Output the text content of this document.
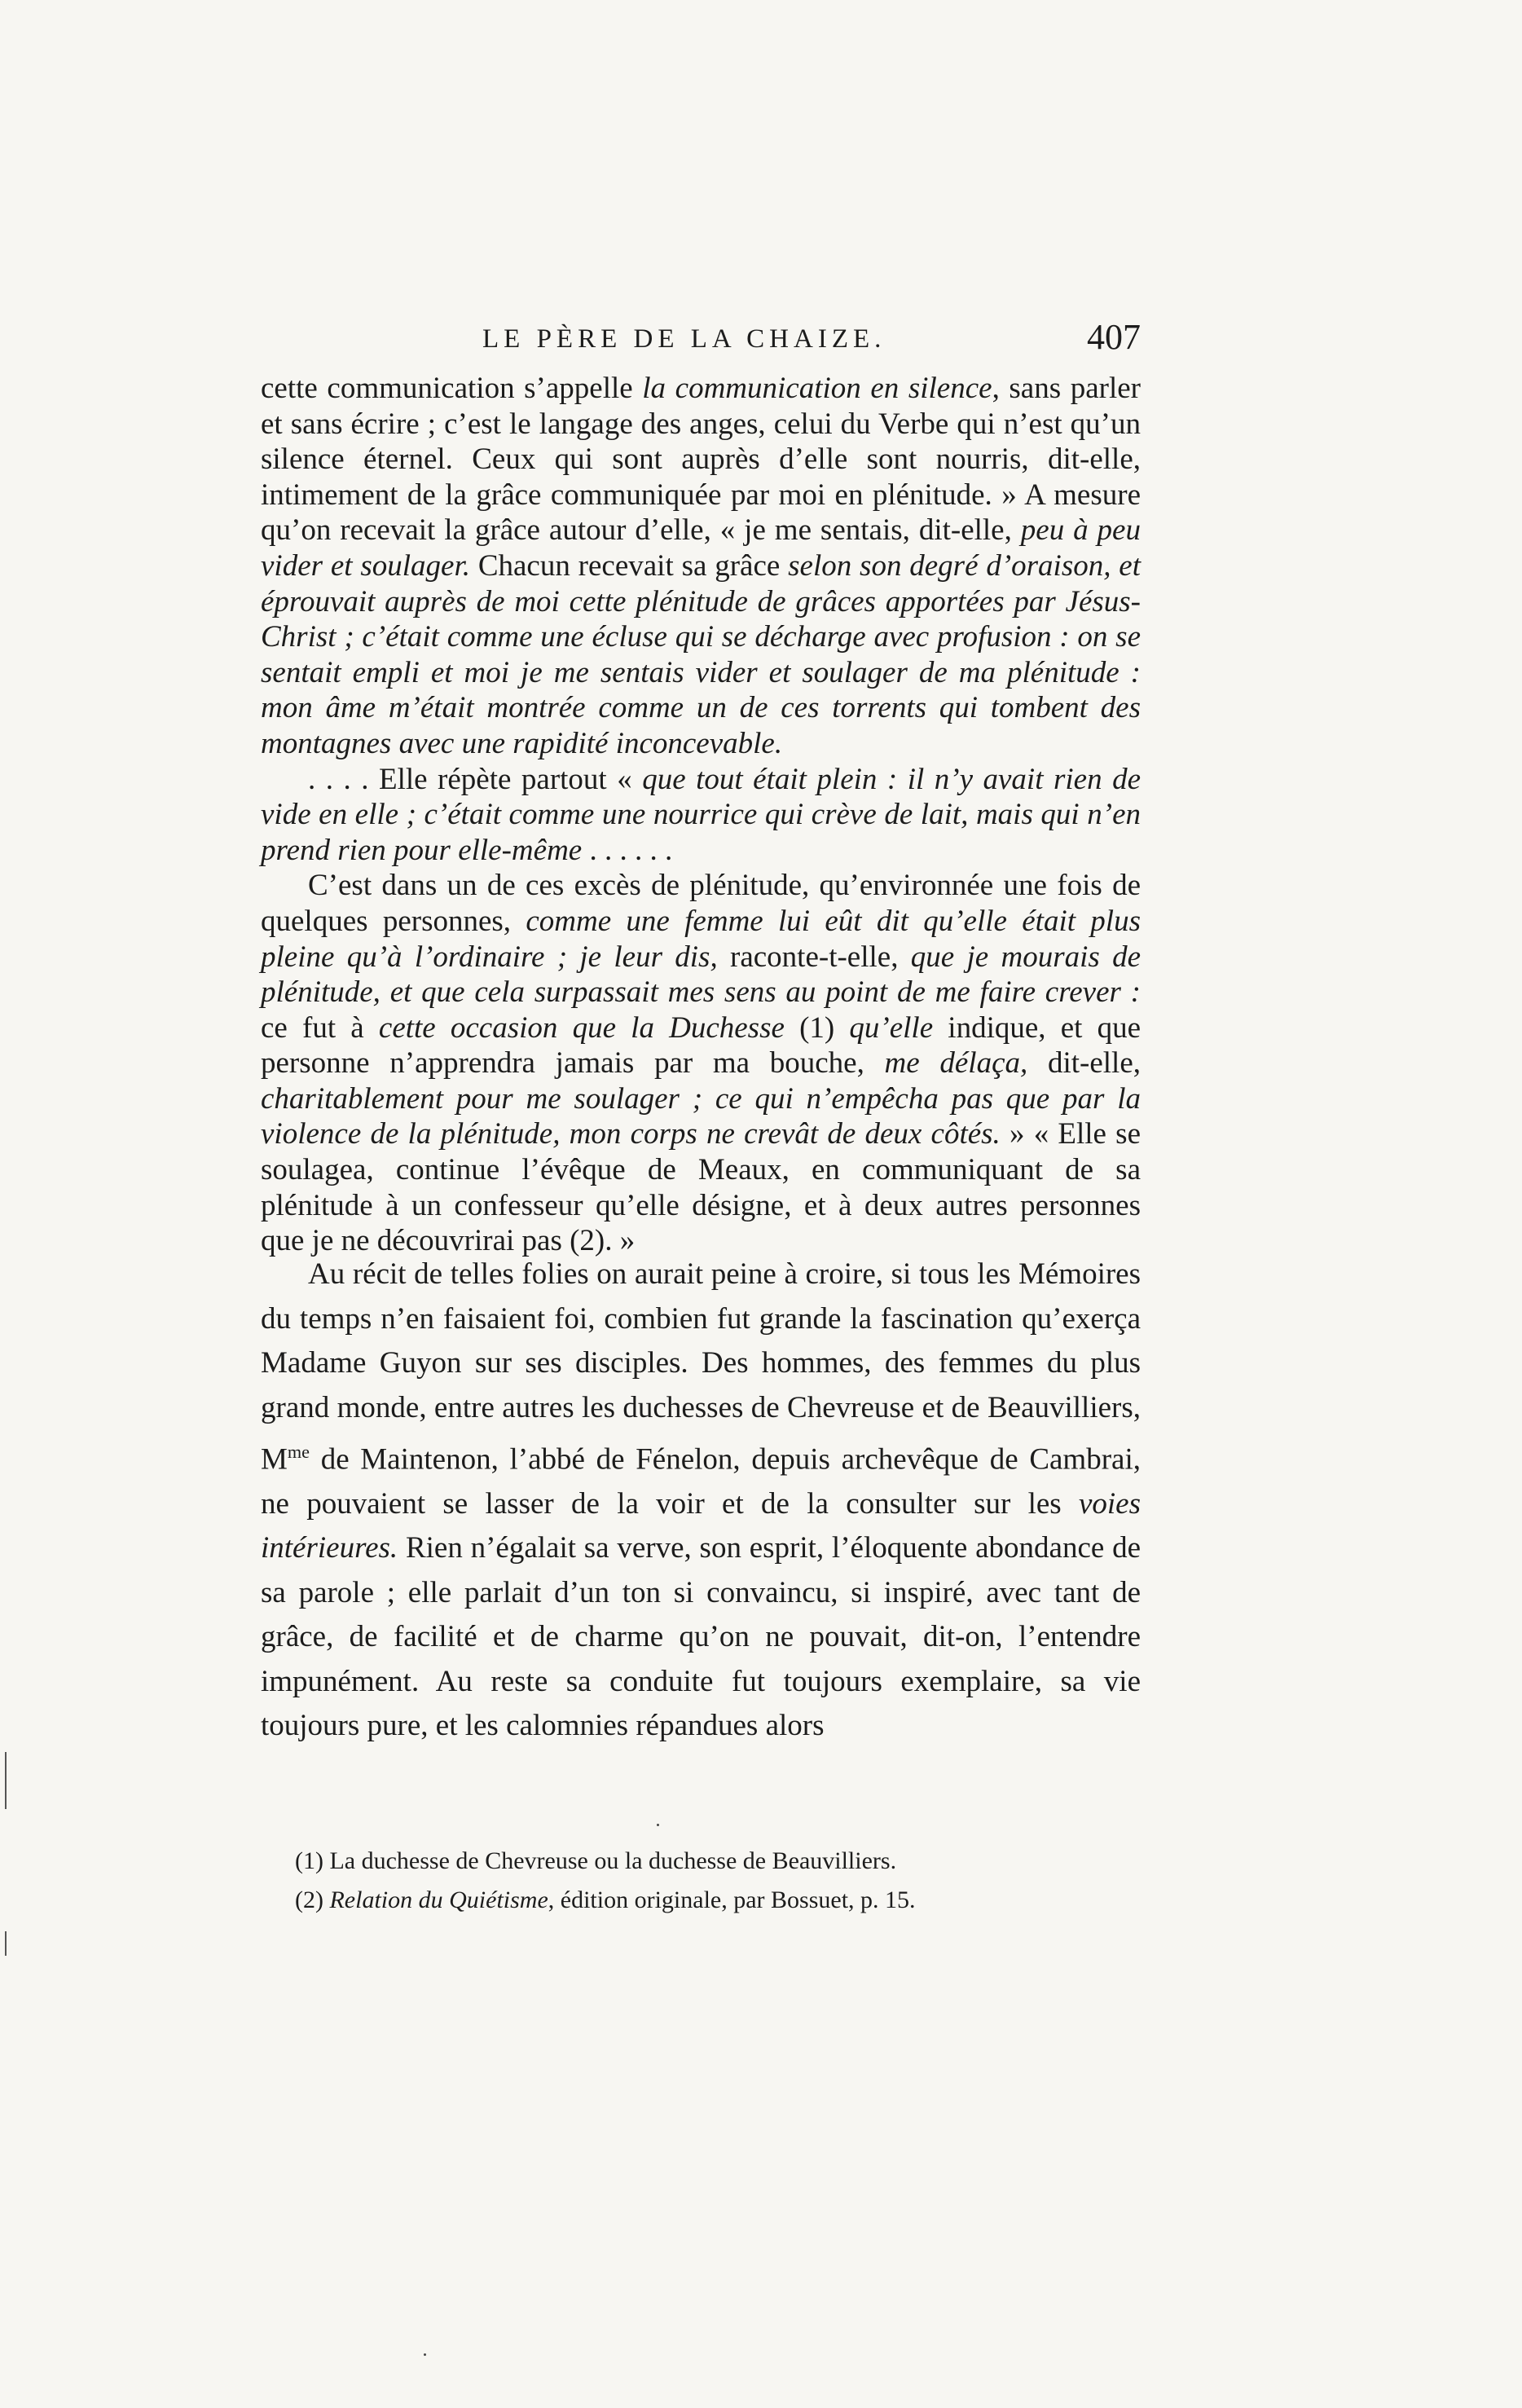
LE PÈRE DE LA CHAIZE.	407

cette communication s’appelle la communication en silence, sans parler et sans écrire ; c’est le langage des anges, celui du Verbe qui n’est qu’un silence éternel. Ceux qui sont auprès d’elle sont nourris, dit-elle, intimement de la grâce communiquée par moi en plénitude. » A mesure qu’on recevait la grâce autour d’elle, « je me sentais, dit-elle, peu à peu vider et soulager. Chacun recevait sa grâce selon son degré d’oraison, et éprouvait auprès de moi cette plénitude de grâces apportées par Jésus-Christ ; c’était comme une écluse qui se décharge avec profusion : on se sentait empli et moi je me sentais vider et soulager de ma plénitude : mon âme m’était montrée comme un de ces torrents qui tombent des montagnes avec une rapidité inconcevable.

. . . . Elle répète partout « que tout était plein : il n’y avait rien de vide en elle ; c’était comme une nourrice qui crève de lait, mais qui n’en prend rien pour elle-même . . . . . .

C’est dans un de ces excès de plénitude, qu’environnée une fois de quelques personnes, comme une femme lui eût dit qu’elle était plus pleine qu’à l’ordinaire ; je leur dis, raconte-t-elle, que je mourais de plénitude, et que cela surpassait mes sens au point de me faire crever : ce fut à cette occasion que la Duchesse (1) qu’elle indique, et que personne n’apprendra jamais par ma bouche, me délaça, dit-elle, charitablement pour me soulager ; ce qui n’empêcha pas que par la violence de la plénitude, mon corps ne crevât de deux côtés. » « Elle se soulagea, continue l’évêque de Meaux, en communiquant de sa plénitude à un confesseur qu’elle désigne, et à deux autres personnes que je ne découvrirai pas (2). »

Au récit de telles folies on aurait peine à croire, si tous les Mémoires du temps n’en faisaient foi, combien fut grande la fascination qu’exerça Madame Guyon sur ses disciples. Des hommes, des femmes du plus grand monde, entre autres les duchesses de Chevreuse et de Beauvilliers, $M^{me}$ de Maintenon, l’abbé de Fénelon, depuis archevêque de Cambrai, ne pouvaient se lasser de la voir et de la consulter sur les voies intérieures. Rien n’égalait sa verve, son esprit, l’éloquente abondance de sa parole ; elle parlait d’un ton si convaincu, si inspiré, avec tant de grâce, de facilité et de charme qu’on ne pouvait, dit-on, l’entendre impunément. Au reste sa conduite fut toujours exemplaire, sa vie toujours pure, et les calomnies répandues alors

(1) La duchesse de Chevreuse ou la duchesse de Beauvilliers.

(2) Relation du Quiétisme, édition originale, par Bossuet, p. 15.
